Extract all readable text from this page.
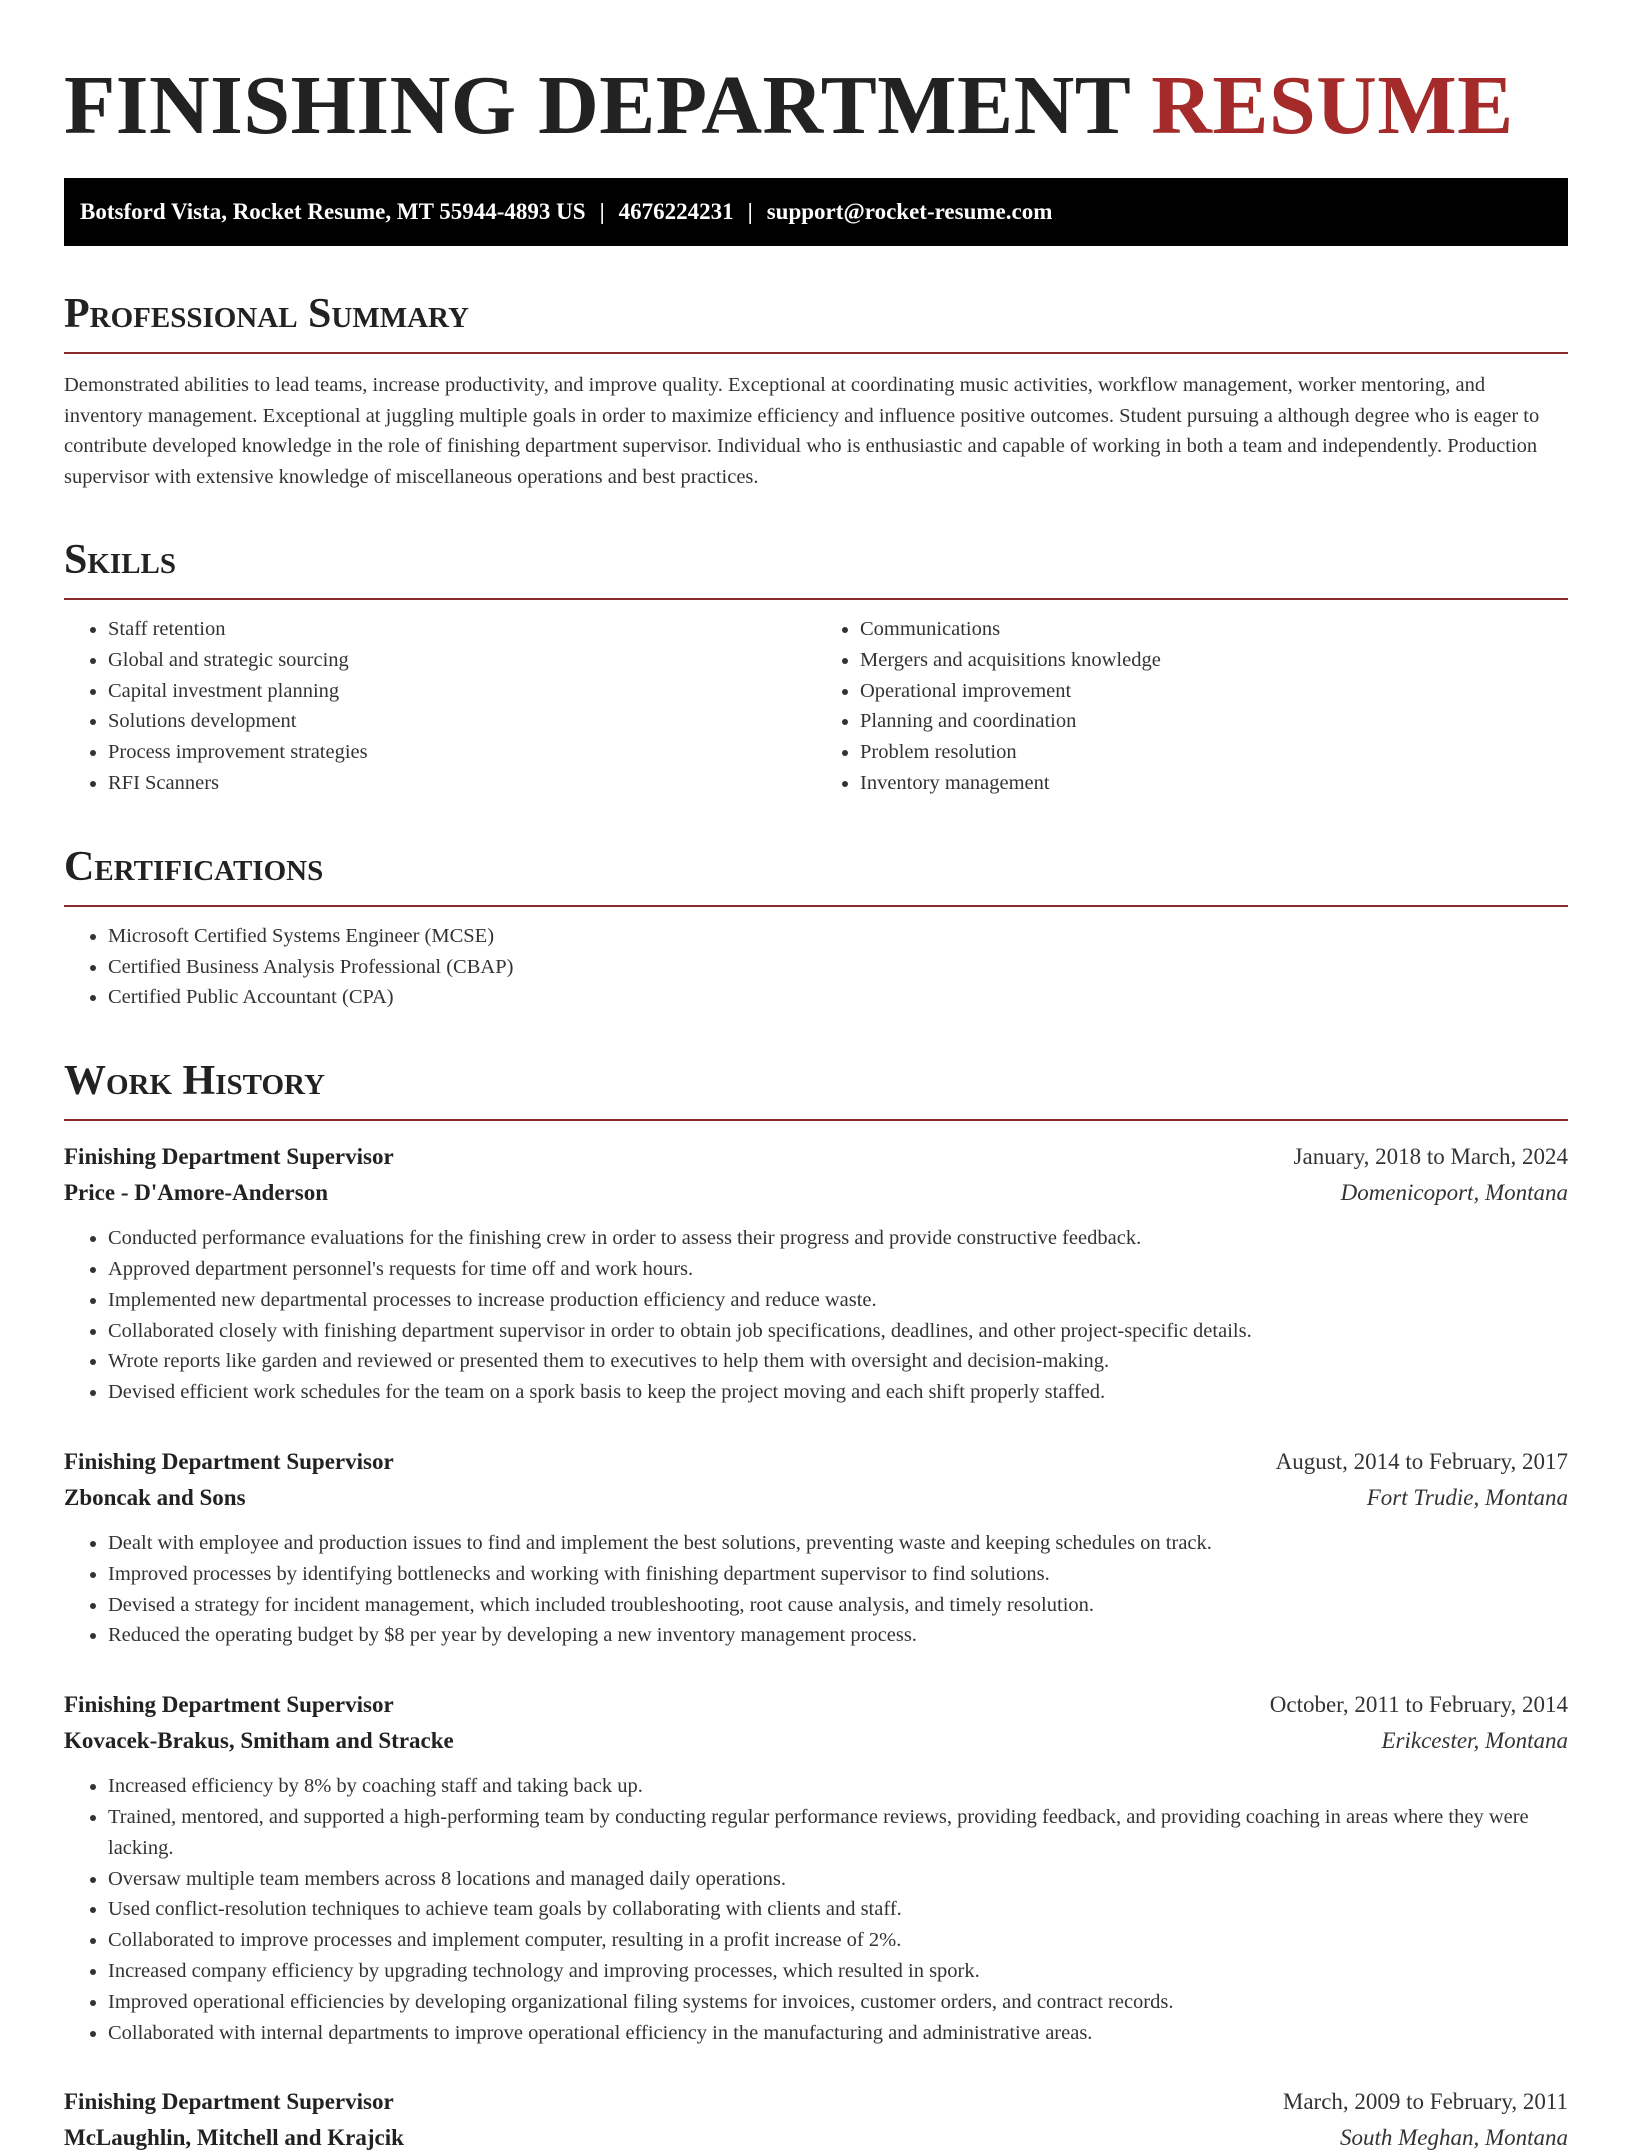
FINISHING DEPARTMENT RESUME
Botsford Vista, Rocket Resume, MT 55944-4893 US | 4676224231 | support@rocket-resume.com
Professional Summary

Demonstrated abilities to lead teams, increase productivity, and improve quality. Exceptional at coordinating music activities, workflow management, worker mentoring, and inventory management. Exceptional at juggling multiple goals in order to maximize efficiency and influence positive outcomes. Student pursuing a although degree who is eager to contribute developed knowledge in the role of finishing department supervisor. Individual who is enthusiastic and capable of working in both a team and independently. Production supervisor with extensive knowledge of miscellaneous operations and best practices.

Skills
• Staff retention
• Global and strategic sourcing
• Capital investment planning
• Solutions development
• Process improvement strategies
• RFI Scanners
• Communications
• Mergers and acquisitions knowledge
• Operational improvement
• Planning and coordination
• Problem resolution
• Inventory management
Certifications
• Microsoft Certified Systems Engineer (MCSE)
• Certified Business Analysis Professional (CBAP)
• Certified Public Accountant (CPA)
Work History
Finishing Department Supervisor	January, 2018 to March, 2024
Price - D'Amore-Anderson	Domenicoport, Montana
• Conducted performance evaluations for the finishing crew in order to assess their progress and provide constructive feedback.
• Approved department personnel's requests for time off and work hours.
• Implemented new departmental processes to increase production efficiency and reduce waste.
• Collaborated closely with finishing department supervisor in order to obtain job specifications, deadlines, and other project-specific details.
• Wrote reports like garden and reviewed or presented them to executives to help them with oversight and decision-making.
• Devised efficient work schedules for the team on a spork basis to keep the project moving and each shift properly staffed.
Finishing Department Supervisor	August, 2014 to February, 2017
Zboncak and Sons	Fort Trudie, Montana
• Dealt with employee and production issues to find and implement the best solutions, preventing waste and keeping schedules on track.
• Improved processes by identifying bottlenecks and working with finishing department supervisor to find solutions.
• Devised a strategy for incident management, which included troubleshooting, root cause analysis, and timely resolution.
• Reduced the operating budget by $8 per year by developing a new inventory management process.
Finishing Department Supervisor	October, 2011 to February, 2014
Kovacek-Brakus, Smitham and Stracke	Erikcester, Montana
• Increased efficiency by 8% by coaching staff and taking back up.
• Trained, mentored, and supported a high-performing team by conducting regular performance reviews, providing feedback, and providing coaching in areas where they were lacking.
• Oversaw multiple team members across 8 locations and managed daily operations.
• Used conflict-resolution techniques to achieve team goals by collaborating with clients and staff.
• Collaborated to improve processes and implement computer, resulting in a profit increase of 2%.
• Increased company efficiency by upgrading technology and improving processes, which resulted in spork.
• Improved operational efficiencies by developing organizational filing systems for invoices, customer orders, and contract records.
• Collaborated with internal departments to improve operational efficiency in the manufacturing and administrative areas.
Finishing Department Supervisor	March, 2009 to February, 2011
McLaughlin, Mitchell and Krajcik	South Meghan, Montana
